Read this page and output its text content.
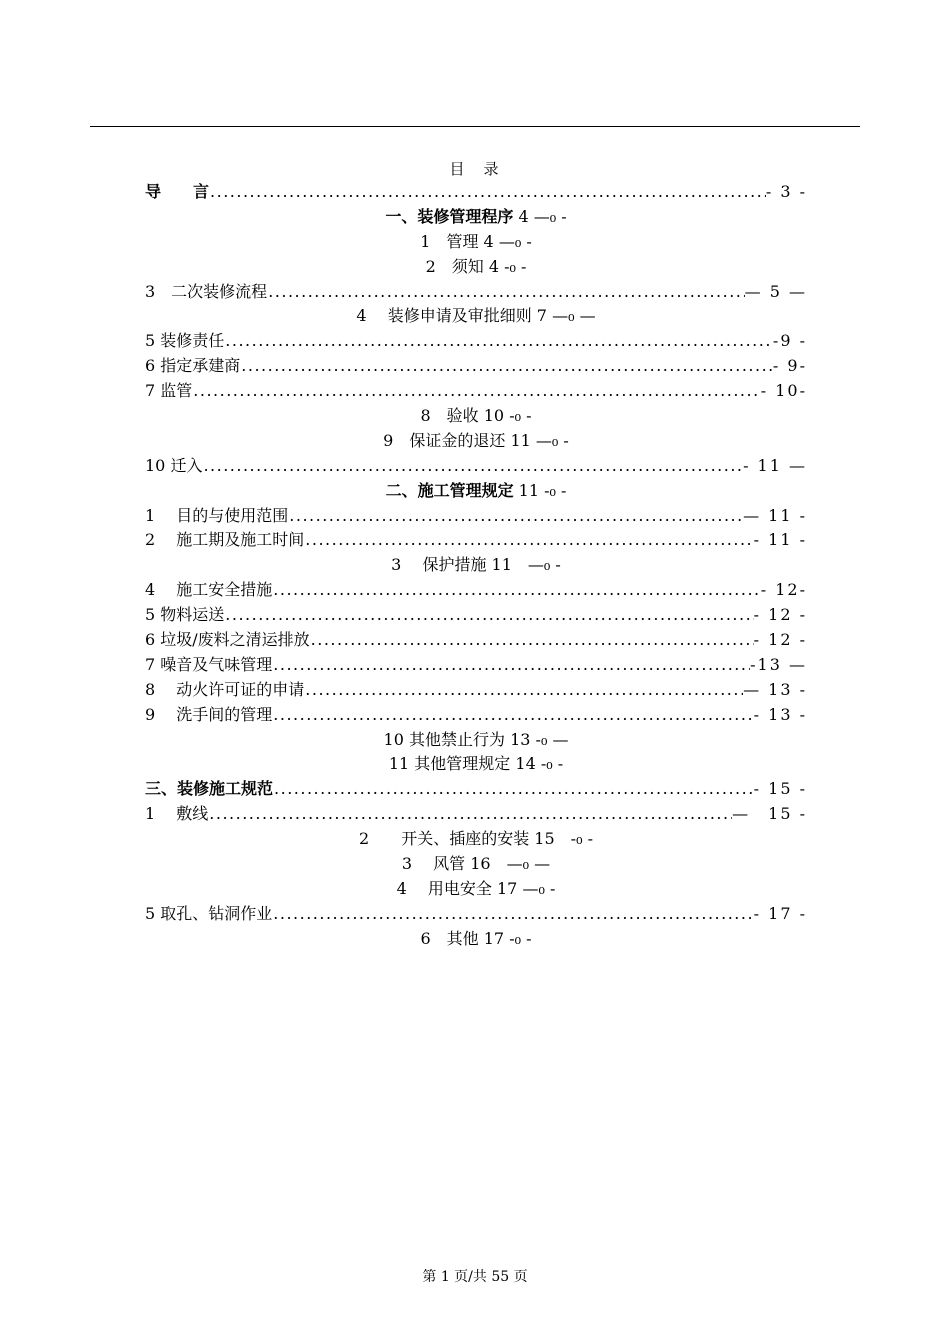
目　录
导　　言 .....	- 3 -
一、装修管理程序 4 —₀ -
1　管理 4 —₀ -
2　须知 4 -₀ -
3　二次装修流程 .....	— 5 —
4　 装修申请及审批细则 7 —₀ —
5 装修责任 .....	-9 -
6 指定承建商 .....	- 9-
7 监管 .....	- 10-
8　验收 10 -₀ -
9　保证金的退还 11 —₀ -
10 迁入 .....	- 11 —
二、施工管理规定 11 -₀ -
1　 目的与使用范围 .....	— 11 -
2　 施工期及施工时间 .....	- 11 -
3　 保护措施 11　—₀ -
4　 施工安全措施 .....	- 12-
5 物料运送 .....	- 12 -
6 垃圾/废料之清运排放 .....	- 12 -
7 噪音及气味管理 .....	-13 —
8　 动火许可证的申请 .....	— 13 -
9　 洗手间的管理 .....	- 13 -
10 其他禁止行为 13 -₀ —
11 其他管理规定 14 -₀ -
三、装修施工规范 .....	- 15 -
1　 敷线 .....	—　15 -
2　　开关、插座的安装 15　-₀ -
3　 风管 16　—₀ —
4　 用电安全 17 —₀ -
5 取孔、钻洞作业 .....	- 17 -
6　其他 17 -₀ -
第 1 页/共 55 页
